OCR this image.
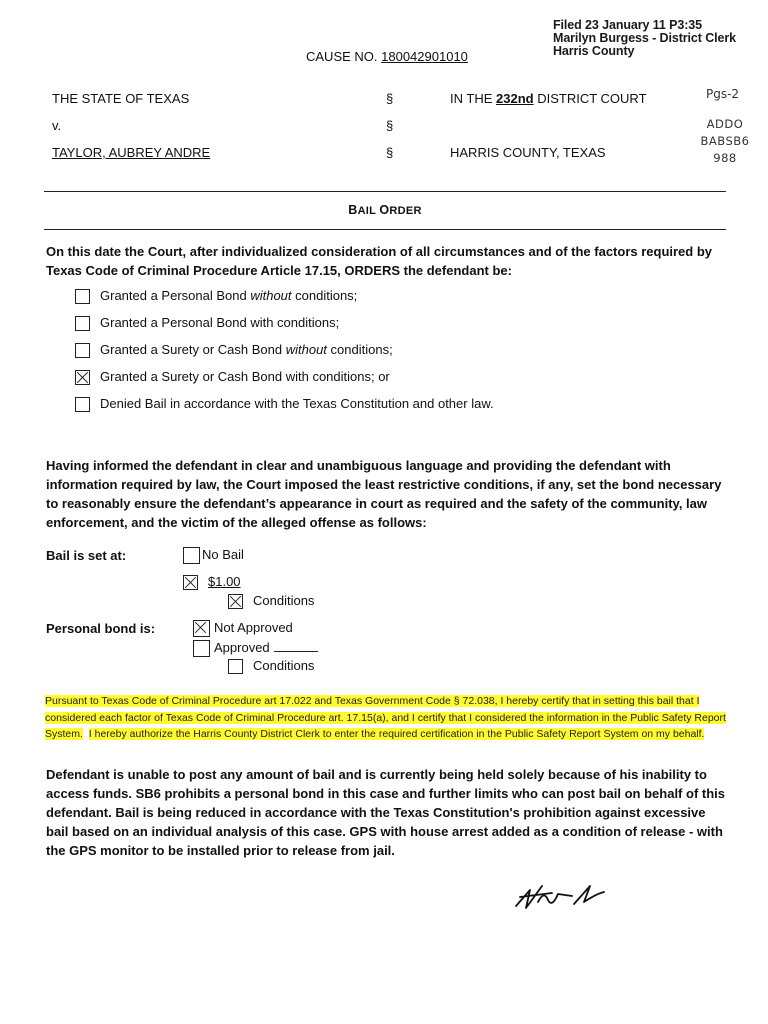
Filed 23 January 11 P3:35
Marilyn Burgess - District Clerk
Harris County
CAUSE NO. 180042901010
Pgs-2
ADDO
BABSB6
988
THE STATE OF TEXAS
v.
TAYLOR, AUBREY ANDRE
§
§
§
IN THE 232nd DISTRICT COURT
HARRIS COUNTY, TEXAS
BAIL ORDER
On this date the Court, after individualized consideration of all circumstances and of the factors required by Texas Code of Criminal Procedure Article 17.15, ORDERS the defendant be:
Granted a Personal Bond without conditions;
Granted a Personal Bond with conditions;
Granted a Surety or Cash Bond without conditions;
Granted a Surety or Cash Bond with conditions; or
Denied Bail in accordance with the Texas Constitution and other law.
Having informed the defendant in clear and unambiguous language and providing the defendant with information required by law, the Court imposed the least restrictive conditions, if any, set the bond necessary to reasonably ensure the defendant’s appearance in court as required and the safety of the community, law enforcement, and the victim of the alleged offense as follows:
Bail is set at:	No Bail
$1.00
Conditions
Personal bond is:	Not Approved
Approved
Conditions
Pursuant to Texas Code of Criminal Procedure art 17.022 and Texas Government Code § 72.038, I hereby certify that in setting this bail that I considered each factor of Texas Code of Criminal Procedure art. 17.15(a), and I certify that I considered the information in the Public Safety Report System. I hereby authorize the Harris County District Clerk to enter the required certification in the Public Safety Report System on my behalf.
Defendant is unable to post any amount of bail and is currently being held solely because of his inability to access funds. SB6 prohibits a personal bond in this case and further limits who can post bail on behalf of this defendant. Bail is being reduced in accordance with the Texas Constitution's prohibition against excessive bail based on an individual analysis of this case. GPS with house arrest added as a condition of release - with the GPS monitor to be installed prior to release from jail.
